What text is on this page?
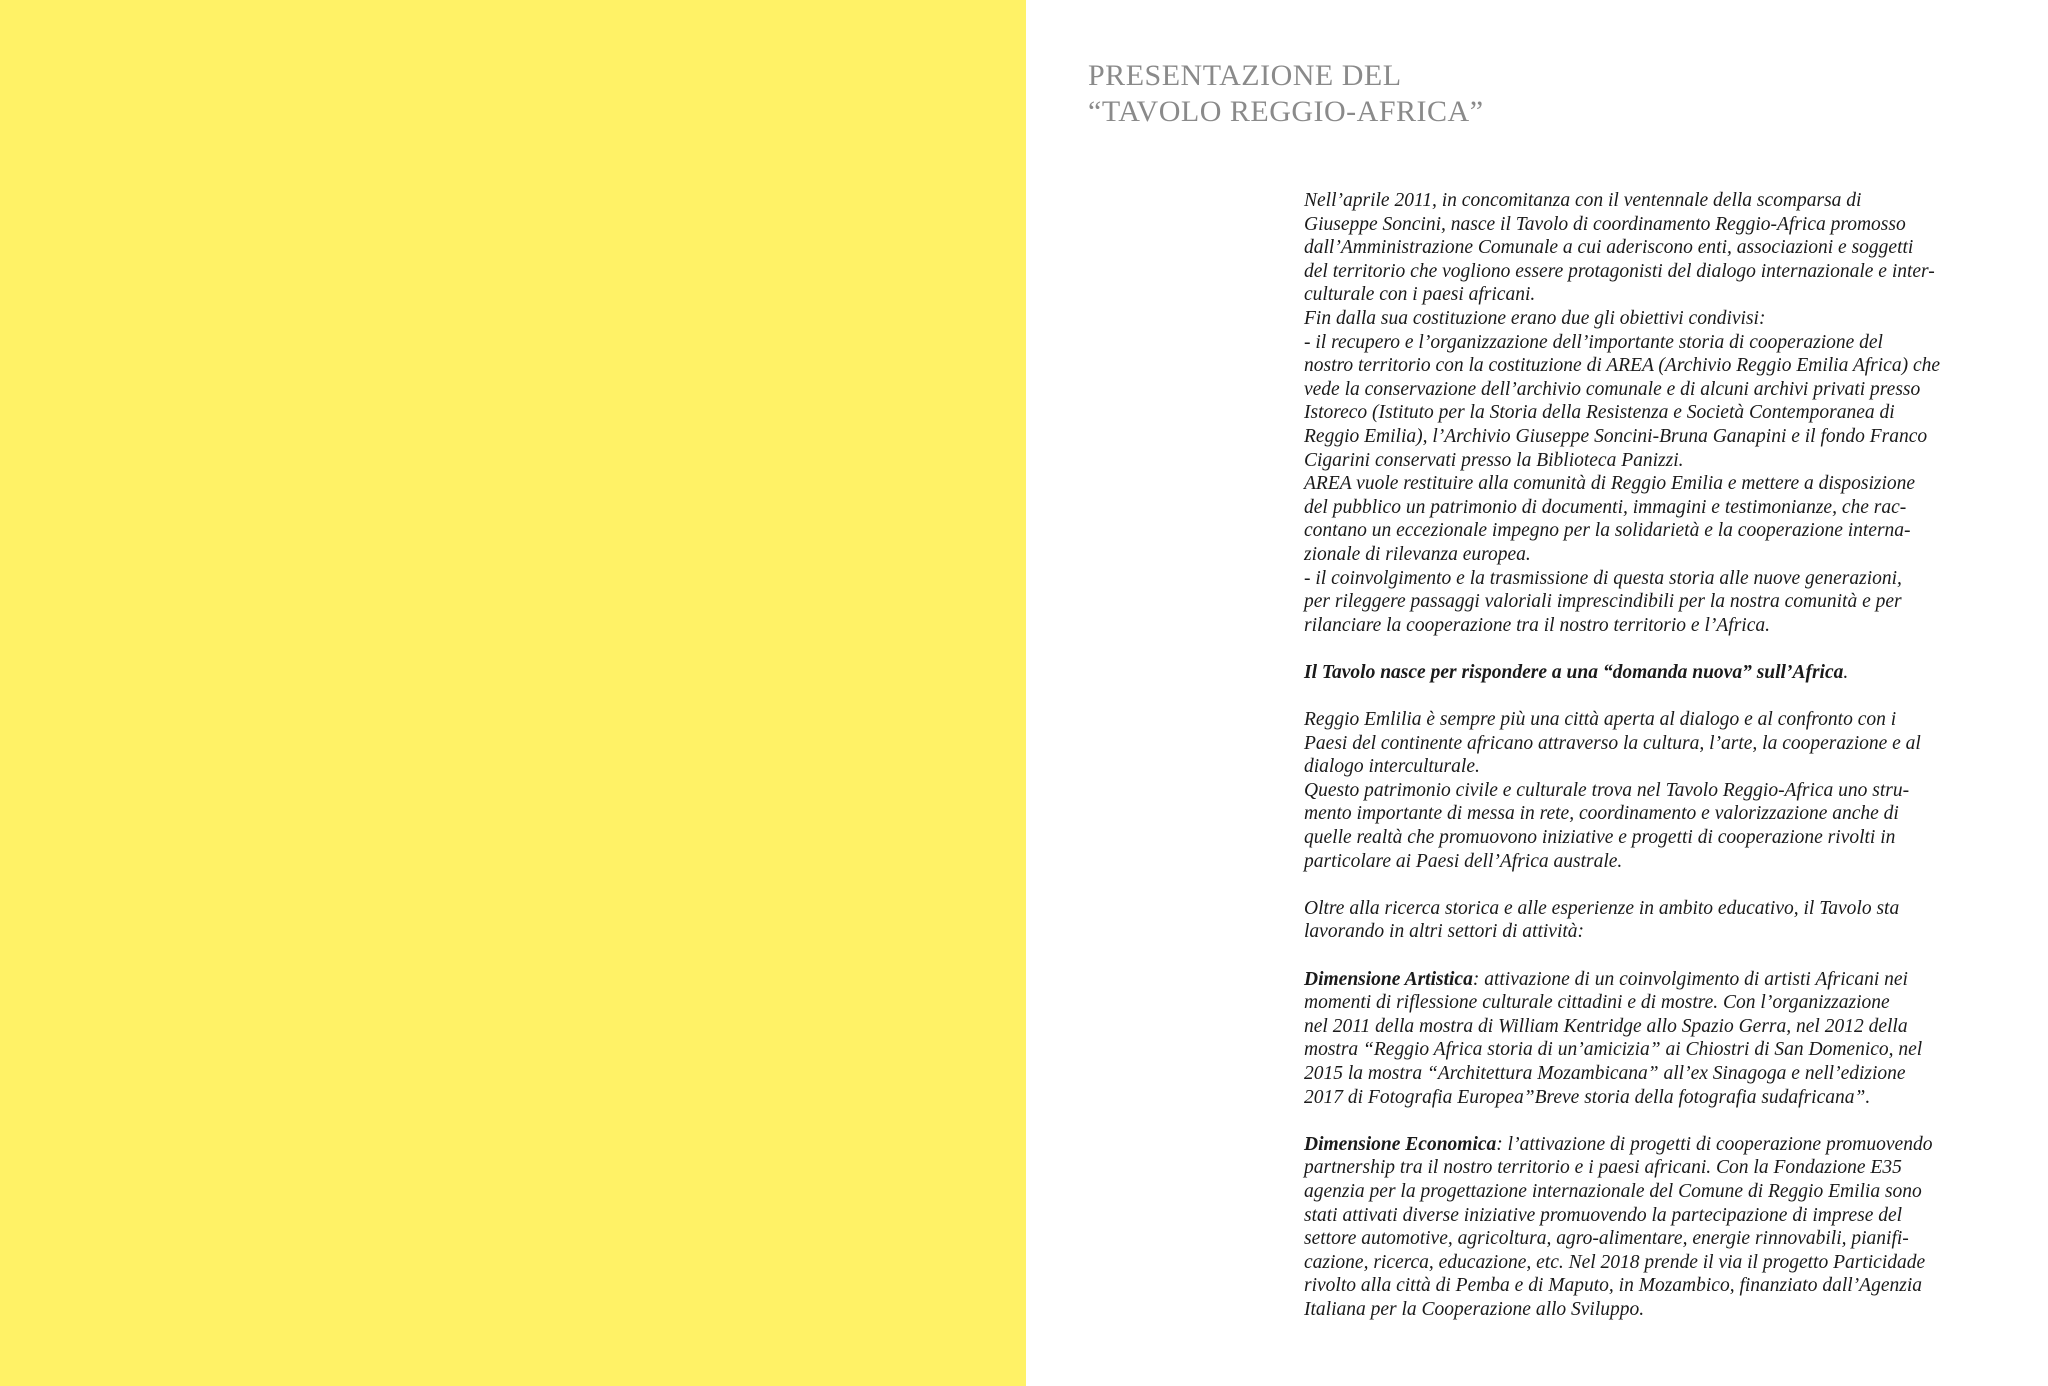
PRESENTAZIONE DEL
“TAVOLO REGGIO-AFRICA”
Nell’aprile 2011, in concomitanza con il ventennale della scomparsa di
Giuseppe Soncini, nasce il Tavolo di coordinamento Reggio-Africa promosso
dall’Amministrazione Comunale a cui aderiscono enti, associazioni e soggetti
del territorio che vogliono essere protagonisti del dialogo internazionale e inter-
culturale con i paesi africani.
Fin dalla sua costituzione erano due gli obiettivi condivisi:
- il recupero e l’organizzazione dell’importante storia di cooperazione del
nostro territorio con la costituzione di AREA (Archivio Reggio Emilia Africa) che
vede la conservazione dell’archivio comunale e di alcuni archivi privati presso
Istoreco (Istituto per la Storia della Resistenza e Società Contemporanea di
Reggio Emilia), l’Archivio Giuseppe Soncini-Bruna Ganapini e il fondo Franco
Cigarini conservati presso la Biblioteca Panizzi.
AREA vuole restituire alla comunità di Reggio Emilia e mettere a disposizione
del pubblico un patrimonio di documenti, immagini e testimonianze, che rac-
contano un eccezionale impegno per la solidarietà e la cooperazione interna-
zionale di rilevanza europea.
- il coinvolgimento e la trasmissione di questa storia alle nuove generazioni,
per rileggere passaggi valoriali imprescindibili per la nostra comunità e per
rilanciare la cooperazione tra il nostro territorio e l’Africa.
Il Tavolo nasce per rispondere a una “domanda nuova” sull’Africa.
Reggio Emlilia è sempre più una città aperta al dialogo e al confronto con i
Paesi del continente africano attraverso la cultura, l’arte, la cooperazione e al
dialogo interculturale.
Questo patrimonio civile e culturale trova nel Tavolo Reggio-Africa uno stru-
mento importante di messa in rete, coordinamento e valorizzazione anche di
quelle realtà che promuovono iniziative e progetti di cooperazione rivolti in
particolare ai Paesi dell’Africa australe.
Oltre alla ricerca storica e alle esperienze in ambito educativo, il Tavolo sta
lavorando in altri settori di attività:
Dimensione Artistica: attivazione di un coinvolgimento di artisti Africani nei
momenti di riflessione culturale cittadini e di mostre. Con l’organizzazione
nel 2011 della mostra di William Kentridge allo Spazio Gerra, nel 2012 della
mostra “Reggio Africa storia di un’amicizia” ai Chiostri di San Domenico, nel
2015 la mostra “Architettura Mozambicana” all’ex Sinagoga e nell’edizione
2017 di Fotografia Europea”Breve storia della fotografia sudafricana”.
Dimensione Economica: l’attivazione di progetti di cooperazione promuovendo
partnership tra il nostro territorio e i paesi africani. Con la Fondazione E35
agenzia per la progettazione internazionale del Comune di Reggio Emilia sono
stati attivati diverse iniziative promuovendo la partecipazione di imprese del
settore automotive, agricoltura, agro-alimentare, energie rinnovabili, pianifi-
cazione, ricerca, educazione, etc. Nel 2018 prende il via il progetto Particidade
rivolto alla città di Pemba e di Maputo, in Mozambico, finanziato dall’Agenzia
Italiana per la Cooperazione allo Sviluppo.
